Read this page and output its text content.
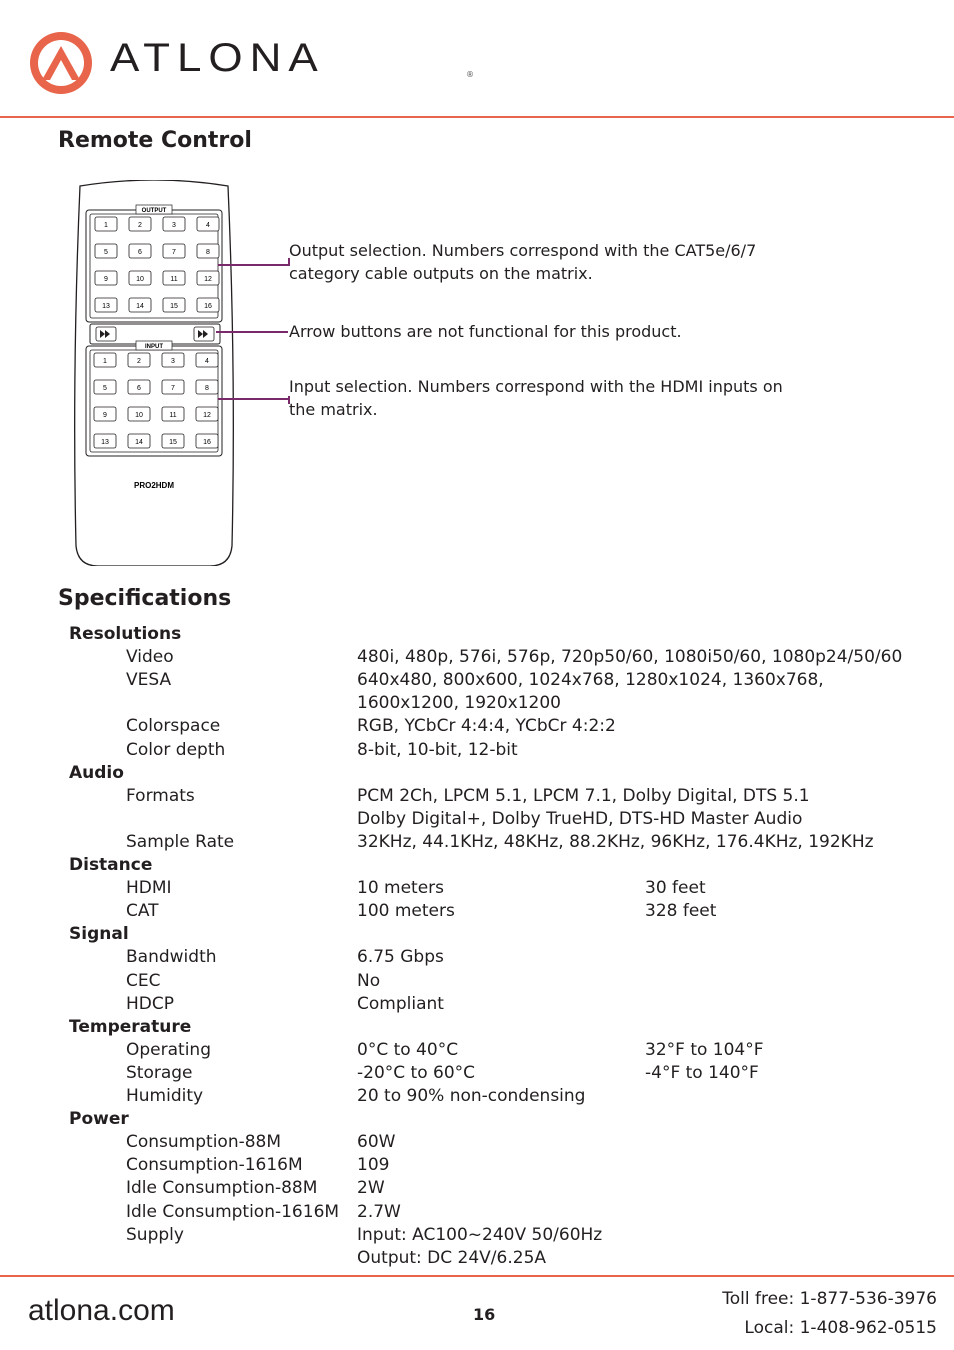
ATLONA	®
Remote Control
1	2	3	4
5	6	7	8
9	10	11	12
13	14	15	16
1	2	3	4
5	6	7	8
9	10	11	12
13	14	15	16
OUTPUT
INPUT
PRO2HDM
Output selection. Numbers correspond with the CAT5e/6/7
category cable outputs on the matrix.
Arrow buttons are not functional for this product.
Input selection. Numbers correspond with the HDMI inputs on
the matrix.
Specifications
Resolutions
Video	480i, 480p, 576i, 576p, 720p50/60, 1080i50/60, 1080p24/50/60
VESA	640x480, 800x600, 1024x768, 1280x1024, 1360x768,
1600x1200, 1920x1200
Colorspace	RGB, YCbCr 4:4:4, YCbCr 4:2:2
Color depth	8-bit, 10-bit, 12-bit
Audio
Formats	PCM 2Ch, LPCM 5.1, LPCM 7.1, Dolby Digital, DTS 5.1
Dolby Digital+, Dolby TrueHD, DTS-HD Master Audio
Sample Rate	32KHz, 44.1KHz, 48KHz, 88.2KHz, 96KHz, 176.4KHz, 192KHz
Distance
HDMI	10 meters	30 feet
CAT	100 meters	328 feet
Signal
Bandwidth	6.75 Gbps
CEC	No
HDCP	Compliant
Temperature
Operating	0°C to 40°C	32°F to 104°F
Storage	-20°C to 60°C	-4°F to 140°F
Humidity	20 to 90% non-condensing
Power
Consumption-88M	60W
Consumption-1616M	109
Idle Consumption-88M 2W
Idle Consumption-1616M 2.7W
Supply	Input: AC100~240V 50/60Hz
Output: DC 24V/6.25A
atlona.com	16
Toll free: 1-877-536-3976
Local: 1-408-962-0515
